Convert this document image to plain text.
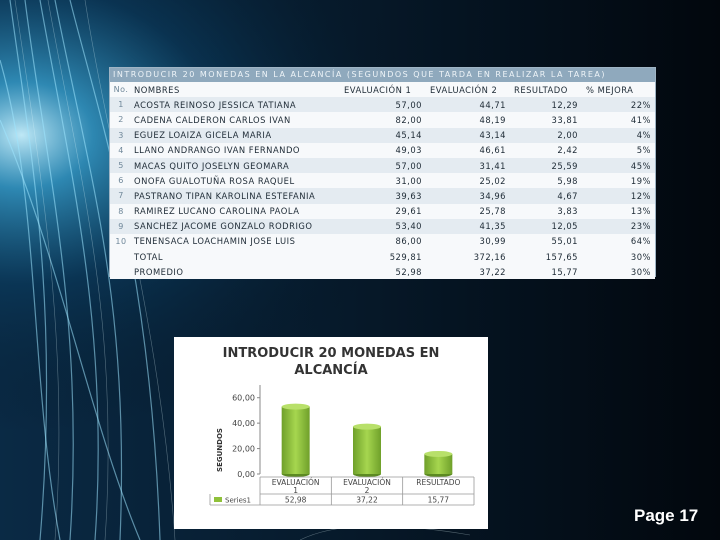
INTRODUCIR 20 MONEDAS EN LA ALCANCÍA (SEGUNDOS QUE TARDA EN REALIZAR LA TAREA)
No.	NOMBRES	EVALUACIÓN 1	EVALUACIÓN 2	RESULTADO	% MEJORA
1	ACOSTA REINOSO JESSICA TATIANA	57,00	44,71	12,29	22%
2	CADENA CALDERON CARLOS IVAN	82,00	48,19	33,81	41%
3	EGUEZ LOAIZA GICELA MARIA	45,14	43,14	2,00	4%
4	LLANO ANDRANGO IVAN FERNANDO	49,03	46,61	2,42	5%
5	MACAS QUITO JOSELYN GEOMARA	57,00	31,41	25,59	45%
6	ONOFA GUALOTUÑA ROSA RAQUEL	31,00	25,02	5,98	19%
7	PASTRANO TIPAN KAROLINA ESTEFANIA	39,63	34,96	4,67	12%
8	RAMIREZ LUCANO CAROLINA PAOLA	29,61	25,78	3,83	13%
9	SANCHEZ JACOME GONZALO RODRIGO	53,40	41,35	12,05	23%
10	TENENSACA LOACHAMIN JOSE LUIS	86,00	30,99	55,01	64%
	TOTAL	529,81	372,16	157,65	30%
	PROMEDIO	52,98	37,22	15,77	30%
INTRODUCIR 20 MONEDAS EN
ALCANCÍA
SEGUNDOS
0,00
20,00
40,00
60,00
EVALUACIÓN
1
52,98
EVALUACIÓN
2
37,22
RESULTADO
15,77
Series1
Page 17
